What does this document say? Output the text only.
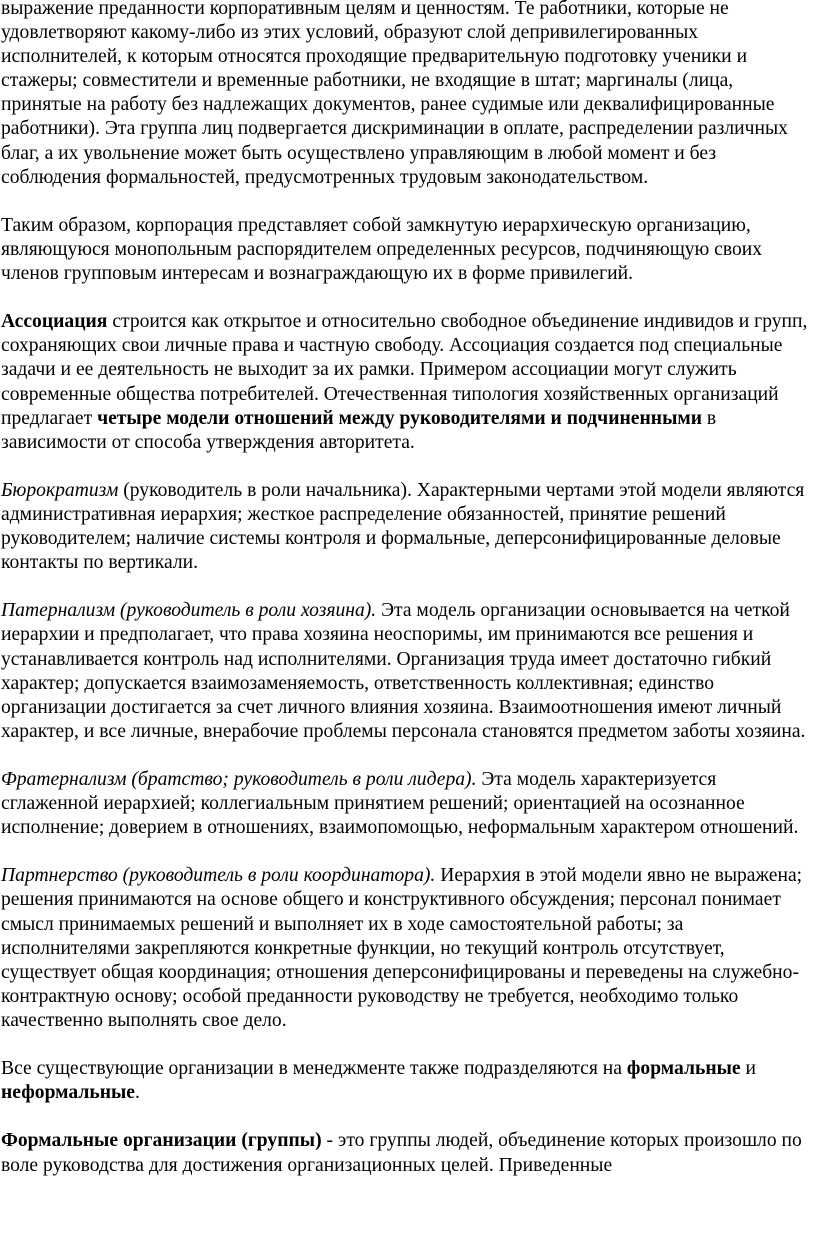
выражение преданности корпоративным целям и ценностям. Те работники, которые не удовлетворяют какому-либо из этих условий, образуют слой депривилегированных исполнителей, к которым относятся проходящие предварительную подготовку ученики и стажеры; совместители и временные работники, не входящие в штат; маргиналы (лица, принятые на работу без надлежащих документов, ранее судимые или деквалифицированные работники). Эта группа лиц подвергается дискриминации в оплате, распределении различных благ, а их увольнение может быть осуществлено управляющим в любой момент и без соблюдения формальностей, предусмотренных трудовым законодательством.

Таким образом, корпорация представляет собой замкнутую иерархическую организацию, являющуюся монопольным распорядителем определенных ресурсов, подчиняющую своих членов групповым интересам и вознаграждающую их в форме привилегий.

Ассоциация строится как открытое и относительно свободное объединение индивидов и групп, сохраняющих свои личные права и частную свободу. Ассоциация создается под специальные задачи и ее деятельность не выходит за их рамки. Примером ассоциации могут служить современные общества потребителей. Отечественная типология хозяйственных организаций предлагает четыре модели отношений между руководителями и подчиненными в зависимости от способа утверждения авторитета.

Бюрократизм (руководитель в роли начальника). Характерными чертами этой модели являются административная иерархия; жесткое распределение обязанностей, принятие решений руководителем; наличие системы контроля и формальные, деперсонифицированные деловые контакты по вертикали.

Патернализм (руководитель в роли хозяина). Эта модель организации основывается на четкой иерархии и предполагает, что права хозяина неоспоримы, им принимаются все решения и устанавливается контроль над исполнителями. Организация труда имеет достаточно гибкий характер; допускается взаимозаменяемость, ответственность коллективная; единство организации достигается за счет личного влияния хозяина. Взаимоотношения имеют личный характер, и все личные, внерабочие проблемы персонала становятся предметом заботы хозяина.

Фратернализм (братство; руководитель в роли лидера). Эта модель характеризуется сглаженной иерархией; коллегиальным принятием решений; ориентацией на осознанное исполнение; доверием в отношениях, взаимопомощью, неформальным характером отношений.

Партнерство (руководитель в роли координатора). Иерархия в этой модели явно не выражена; решения принимаются на основе общего и конструктивного обсуждения; персонал понимает смысл принимаемых решений и выполняет их в ходе самостоятельной работы; за исполнителями закрепляются конкретные функции, но текущий контроль отсутствует, существует общая координация; отношения деперсонифицированы и переведены на служебно-контрактную основу; особой преданности руководству не требуется, необходимо только качественно выполнять свое дело.

Все существующие организации в менеджменте также подразделяются на формальные и неформальные.

Формальные организации (группы) - это группы людей, объединение которых произошло по воле руководства для достижения организационных целей. Приведенные
